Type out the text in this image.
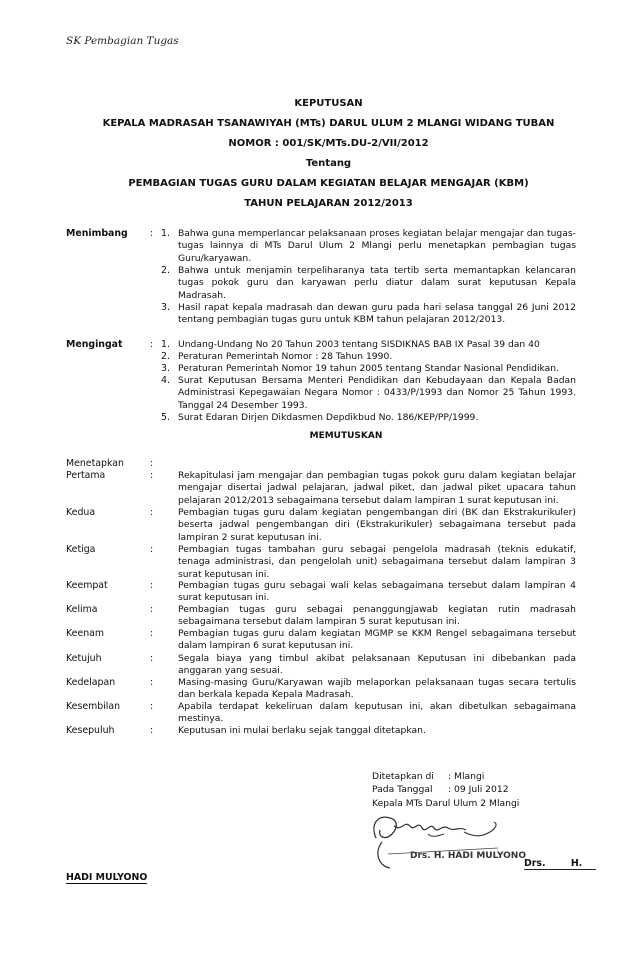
SK Pembagian Tugas
KEPUTUSAN
KEPALA MADRASAH TSANAWIYAH (MTs) DARUL ULUM 2 MLANGI WIDANG TUBAN
NOMOR : 001/SK/MTs.DU-2/VII/2012
Tentang
PEMBAGIAN TUGAS GURU DALAM KEGIATAN BELAJAR MENGAJAR (KBM)
TAHUN PELAJARAN 2012/2013
Menimbang : 1. Bahwa guna memperlancar pelaksanaan proses kegiatan belajar mengajar dan tugas-tugas lainnya di MTs Darul Ulum 2 Mlangi perlu menetapkan pembagian tugas Guru/karyawan.
2. Bahwa untuk menjamin terpeliharanya tata tertib serta memantapkan kelancaran tugas pokok guru dan karyawan perlu diatur dalam surat keputusan Kepala Madrasah.
3. Hasil rapat kepala madrasah dan dewan guru pada hari selasa tanggal 26 Juni 2012 tentang pembagian tugas guru untuk KBM tahun pelajaran 2012/2013.
Mengingat	: 1. Undang-Undang No 20 Tahun 2003 tentang SISDIKNAS BAB IX Pasal 39 dan 40
2. Peraturan Pemerintah Nomor : 28 Tahun 1990.
3. Peraturan Pemerintah Nomor 19 tahun 2005 tentang Standar Nasional Pendidikan.
4. Surat Keputusan Bersama Menteri Pendidikan dan Kebudayaan dan Kepala Badan Administrasi Kepegawaian Negara Nomor : 0433/P/1993 dan Nomor 25 Tahun 1993. Tanggal 24 Desember 1993.
5. Surat Edaran Dirjen Dikdasmen Depdikbud No. 186/KEP/PP/1999.
MEMUTUSKAN
Menetapkan	:
Pertama	:	Rekapitulasi jam mengajar dan pembagian tugas pokok guru dalam kegiatan belajar mengajar disertai jadwal pelajaran, jadwal piket, dan jadwal piket upacara tahun pelajaran 2012/2013 sebagaimana tersebut dalam lampiran 1 surat keputusan ini.
Kedua	:	Pembagian tugas guru dalam kegiatan pengembangan diri (BK dan Ekstrakurikuler) beserta jadwal pengembangan diri (Ekstrakurikuler) sebagaimana tersebut pada lampiran 2 surat keputusan ini.
Ketiga	:	Pembagian tugas tambahan guru sebagai pengelola madrasah (teknis edukatif, tenaga administrasi, dan pengelolah unit) sebagaimana tersebut dalam lampiran 3 surat keputusan ini.
Keempat	:	Pembagian tugas guru sebagai wali kelas sebagaimana tersebut dalam lampiran 4 surat keputusan ini.
Kelima	:	Pembagian tugas guru sebagai penanggungjawab kegiatan rutin madrasah sebagaimana tersebut dalam lampiran 5 surat keputusan ini.
Keenam	:	Pembagian tugas guru dalam kegiatan MGMP se KKM Rengel sebagaimana tersebut dalam lampiran 6 surat keputusan ini.
Ketujuh	:	Segala biaya yang timbul akibat pelaksanaan Keputusan ini dibebankan pada anggaran yang sesuai.
Kedelapan	:	Masing-masing Guru/Karyawan wajib melaporkan pelaksanaan tugas secara tertulis dan berkala kepada Kepala Madrasah.
Kesembilan	:	Apabila terdapat kekeliruan dalam keputusan ini, akan dibetulkan sebagaimana mestinya.
Kesepuluh	:	Keputusan ini mulai berlaku sejak tanggal ditetapkan.
Ditetapkan di	: Mlangi
Pada Tanggal	: 09 Juli 2012
Kepala MTs Darul Ulum 2 Mlangi
Drs. H. HADI MULYONO
Drs.	H.
HADI MULYONO
